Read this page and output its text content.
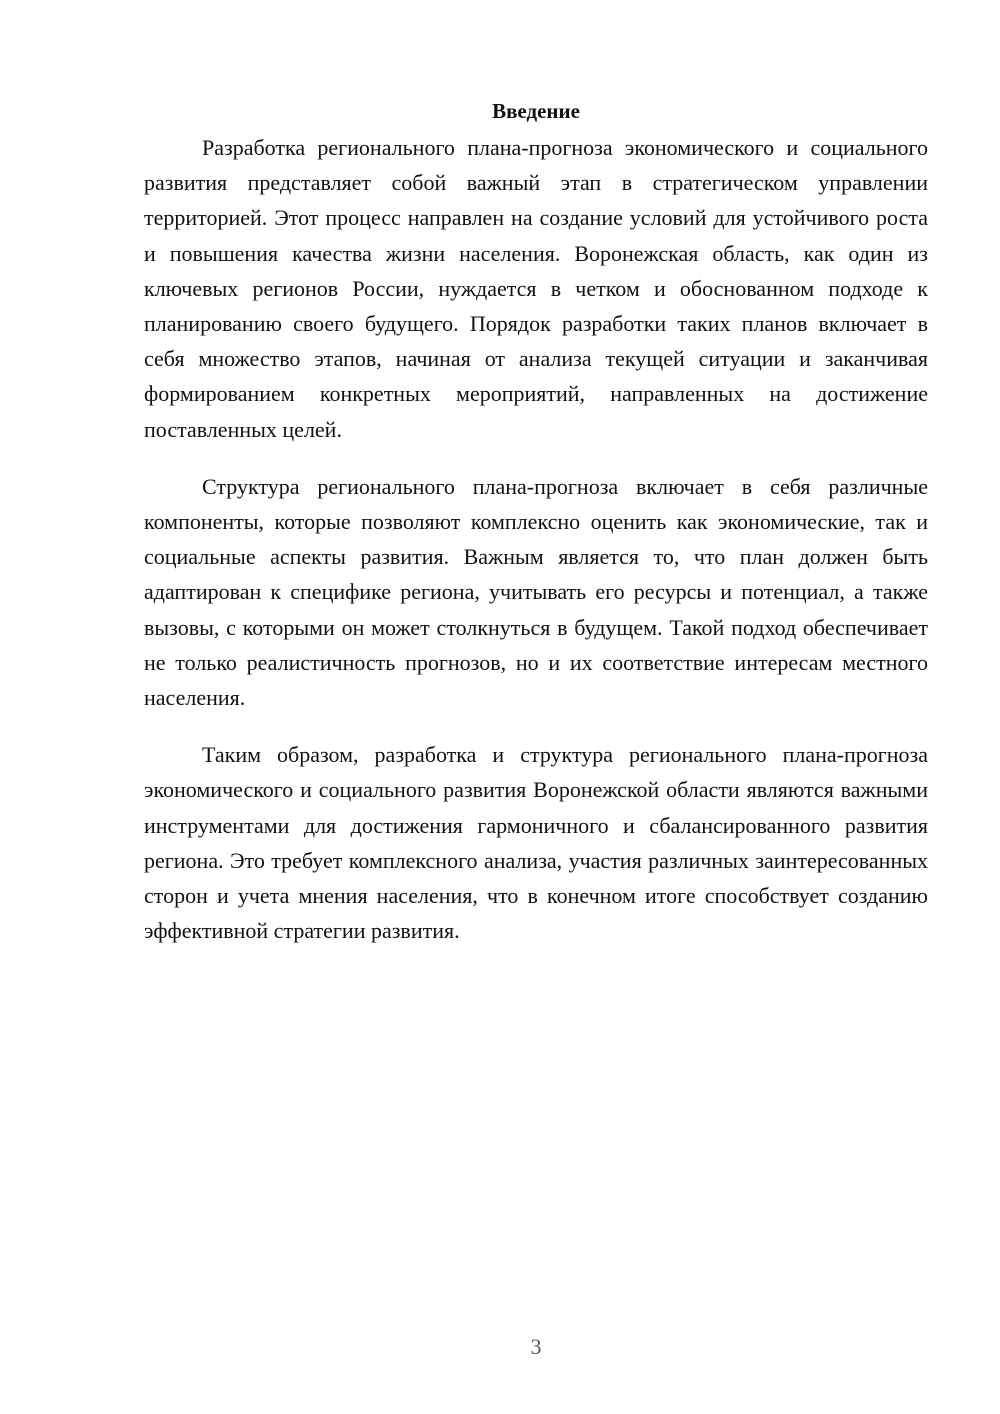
Введение

Разработка регионального плана-прогноза экономического и социального развития представляет собой важный этап в стратегическом управлении территорией. Этот процесс направлен на создание условий для устойчивого роста и повышения качества жизни населения. Воронежская область, как один из ключевых регионов России, нуждается в четком и обоснованном подходе к планированию своего будущего. Порядок разработки таких планов включает в себя множество этапов, начиная от анализа текущей ситуации и заканчивая формированием конкретных мероприятий, направленных на достижение поставленных целей.

Структура регионального плана-прогноза включает в себя различные компоненты, которые позволяют комплексно оценить как экономические, так и социальные аспекты развития. Важным является то, что план должен быть адаптирован к специфике региона, учитывать его ресурсы и потенциал, а также вызовы, с которыми он может столкнуться в будущем. Такой подход обеспечивает не только реалистичность прогнозов, но и их соответствие интересам местного населения.

Таким образом, разработка и структура регионального плана-прогноза экономического и социального развития Воронежской области являются важными инструментами для достижения гармоничного и сбалансированного развития региона. Это требует комплексного анализа, участия различных заинтересованных сторон и учета мнения населения, что в конечном итоге способствует созданию эффективной стратегии развития.

3
